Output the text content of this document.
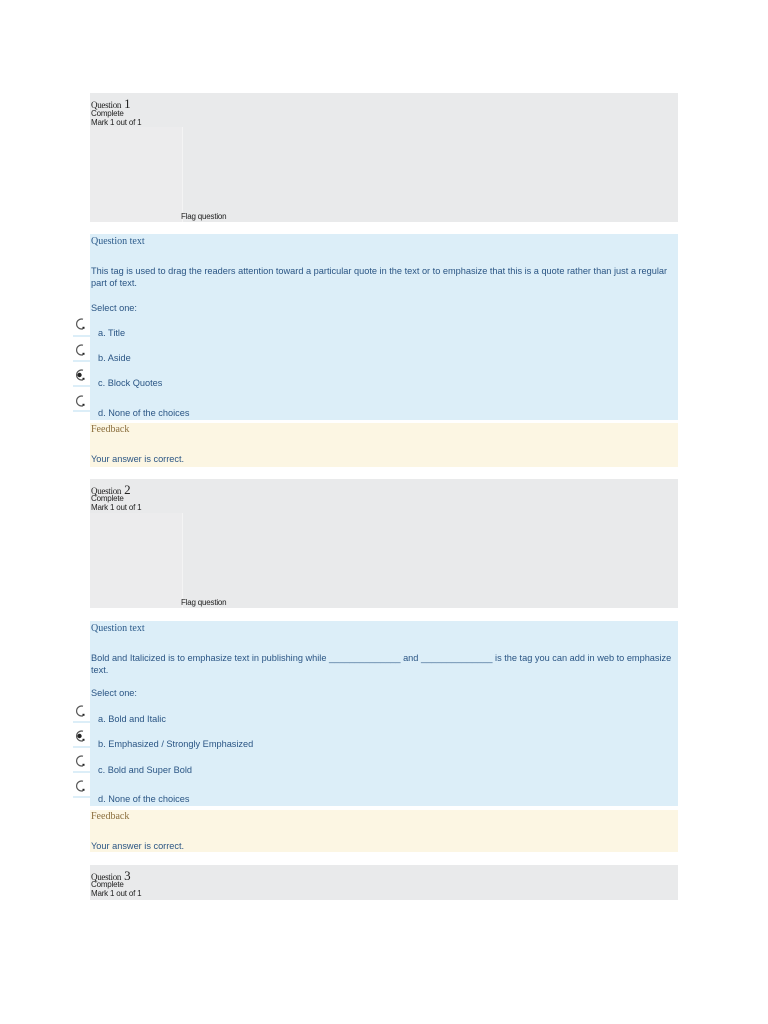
Question 1
Complete
Mark 1 out of 1
Flag question
Question text
This tag is used to drag the readers attention toward a particular quote in the text or to emphasize that this is a quote rather than just a regular part of text.
Select one:
a. Title
b. Aside
c. Block Quotes
d. None of the choices
Feedback
Your answer is correct.
Question 2
Complete
Mark 1 out of 1
Flag question
Question text
Bold and Italicized is to emphasize text in publishing while ______________ and ______________ is the tag you can add in web to emphasize text.
Select one:
a. Bold and Italic
b. Emphasized / Strongly Emphasized
c. Bold and Super Bold
d. None of the choices
Feedback
Your answer is correct.
Question 3
Complete
Mark 1 out of 1
